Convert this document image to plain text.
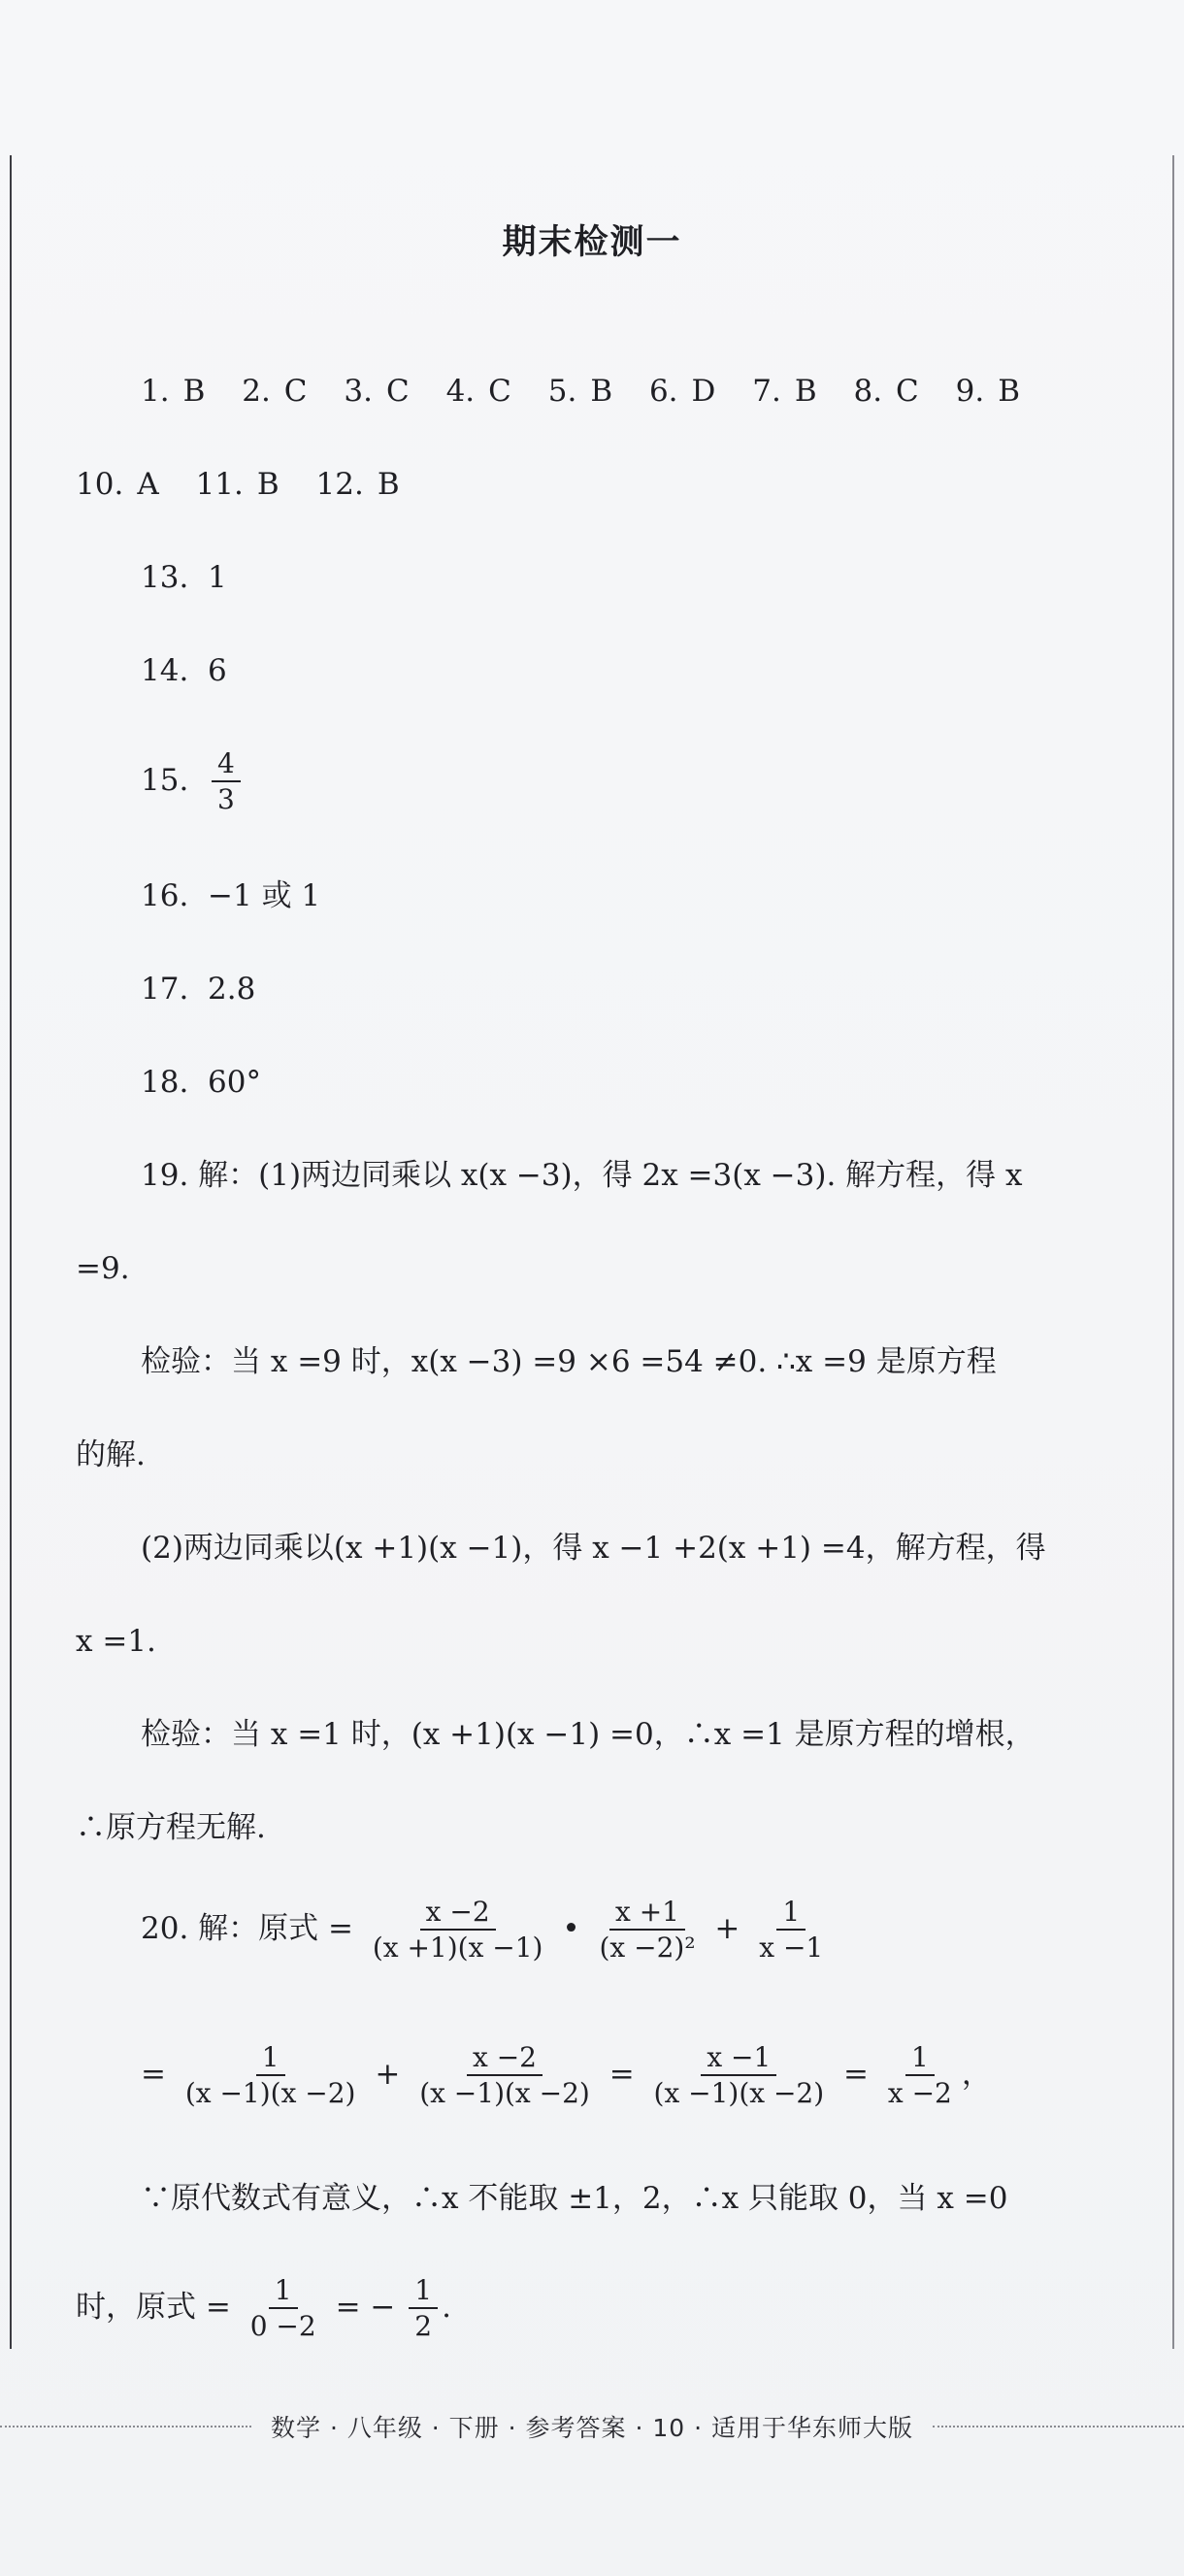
期末检测一
1. B 2. C 3. C 4. C 5. B 6. D 7. B 8. C 9. B
10. A 11. B 12. B
13. 1
14. 6
15. $\frac{4}{3}$
16. −1 或 1
17. 2.8
18. 60°
19. 解：(1)两边同乘以 x(x −3)，得 2x =3(x −3). 解方程，得 x
=9.
检验：当 x =9 时，x(x −3) =9 ×6 =54 ≠0. ∴x =9 是原方程
的解.
(2)两边同乘以(x +1)(x −1)，得 x −1 +2(x +1) =4，解方程，得
x =1.
检验：当 x =1 时，(x +1)(x −1) =0，∴x =1 是原方程的增根，
∴原方程无解.
20. 解：原式 = $\frac{x -2}{(x +1)(x -1)}$ • $\frac{x +1}{\text{(x −2)²}} + \frac{1}{x -1}$
= $\frac{1}{(x -1)(x -2)} + \frac{x -2}{(x -1)(x -2)} = \frac{x -1}{(x -1)(x -2)} = \frac{1}{x -2}$ ，
∵原代数式有意义，∴x 不能取 ±1，2，∴x 只能取 0，当 x =0
时，原式 = $\frac{1}{0 -2}$ = − $\frac{1}{2}$ .
数学 · 八年级 · 下册 · 参考答案 · 10 · 适用于华东师大版
